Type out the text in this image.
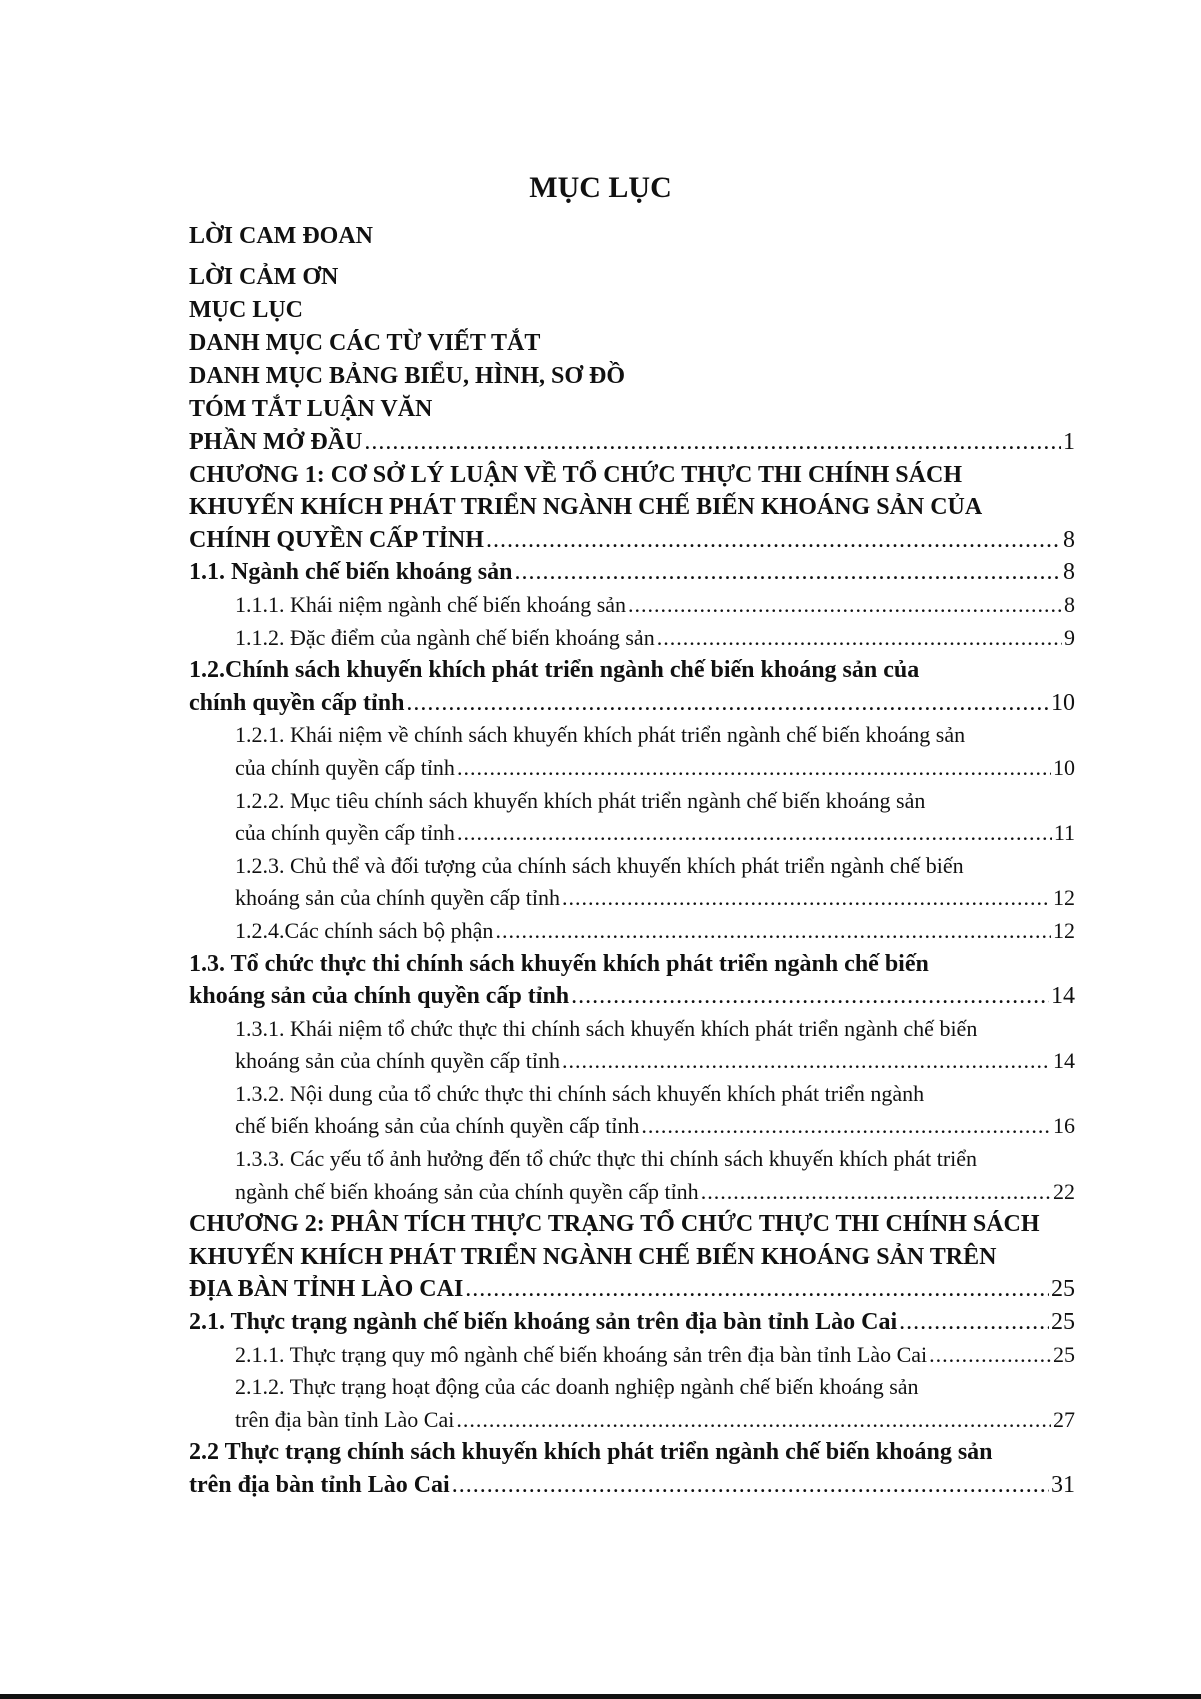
MỤC LỤC
LỜI CAM ĐOAN
LỜI CẢM ƠN
MỤC LỤC
DANH MỤC CÁC TỪ VIẾT TẮT
DANH MỤC BẢNG BIỂU, HÌNH, SƠ ĐỒ
TÓM TẮT LUẬN VĂN
PHẦN MỞ ĐẦU .....	1
CHƯƠNG 1: CƠ SỞ LÝ LUẬN VỀ TỔ CHỨC THỰC THI CHÍNH SÁCH
KHUYẾN KHÍCH PHÁT TRIỂN NGÀNH CHẾ BIẾN KHOÁNG SẢN CỦA
CHÍNH QUYỀN CẤP TỈNH .....	8
1.1. Ngành chế biến khoáng sản .....	8
1.1.1. Khái niệm ngành chế biến khoáng sản .....	8
1.1.2. Đặc điểm của ngành chế biến khoáng sản .....	9
1.2.Chính sách khuyến khích phát triển ngành chế biến khoáng sản của
chính quyền cấp tỉnh .....	10
1.2.1. Khái niệm về chính sách khuyến khích phát triển ngành chế biến khoáng sản
của chính quyền cấp tỉnh .....	10
1.2.2. Mục tiêu chính sách khuyến khích phát triển ngành chế biến khoáng sản
của chính quyền cấp tỉnh .....	11
1.2.3. Chủ thể và đối tượng của chính sách khuyến khích phát triển ngành chế biến
khoáng sản của chính quyền cấp tỉnh .....	12
1.2.4.Các chính sách bộ phận .....	12
1.3. Tổ chức thực thi chính sách khuyến khích phát triển ngành chế biến
khoáng sản của chính quyền cấp tỉnh .....	14
1.3.1. Khái niệm tổ chức thực thi chính sách khuyến khích phát triển ngành chế biến
khoáng sản của chính quyền cấp tỉnh .....	14
1.3.2. Nội dung của tổ chức thực thi chính sách khuyến khích phát triển ngành
chế biến khoáng sản của chính quyền cấp tỉnh .....	16
1.3.3. Các yếu tố ảnh hưởng đến tổ chức thực thi chính sách khuyến khích phát triển
ngành chế biến khoáng sản của chính quyền cấp tỉnh .....	22
CHƯƠNG 2: PHÂN TÍCH THỰC TRẠNG TỔ CHỨC THỰC THI CHÍNH SÁCH
KHUYẾN KHÍCH PHÁT TRIỂN NGÀNH CHẾ BIẾN KHOÁNG SẢN TRÊN
ĐỊA BÀN TỈNH LÀO CAI .....	25
2.1. Thực trạng ngành chế biến khoáng sản trên địa bàn tỉnh Lào Cai .....	25
2.1.1. Thực trạng quy mô ngành chế biến khoáng sản trên địa bàn tỉnh Lào Cai .....	25
2.1.2. Thực trạng hoạt động của các doanh nghiệp ngành chế biến khoáng sản
trên địa bàn tỉnh Lào Cai .....	27
2.2 Thực trạng chính sách khuyến khích phát triển ngành chế biến khoáng sản
trên địa bàn tỉnh Lào Cai .....	31
